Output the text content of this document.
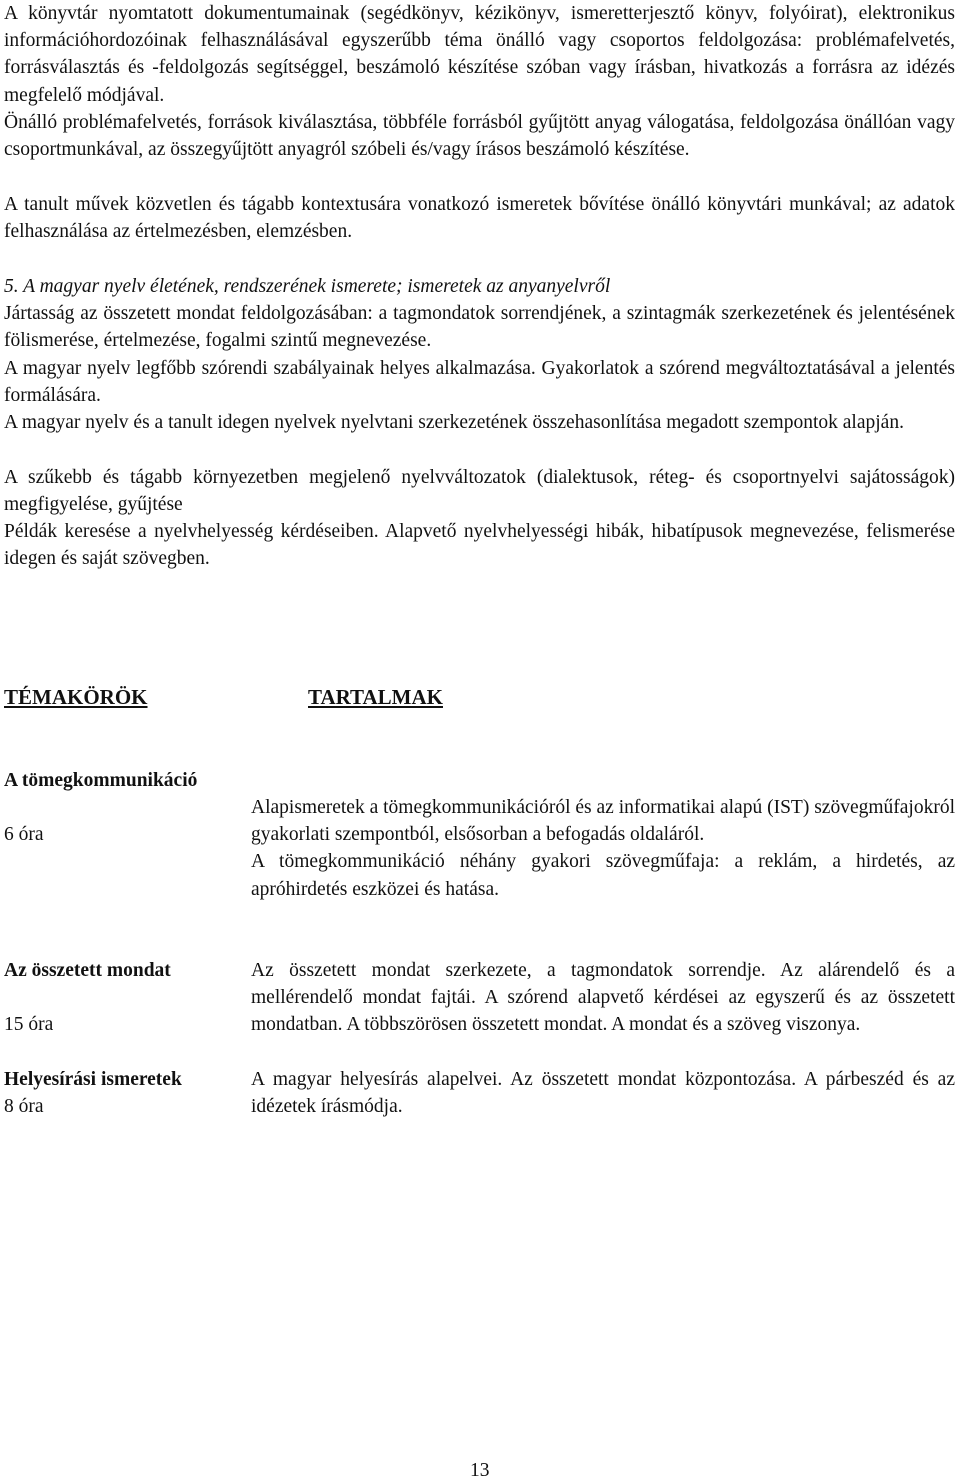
A könyvtár nyomtatott dokumentumainak (segédkönyv, kézikönyv, ismeretterjesztő könyv, folyóirat), elektronikus információhordozóinak felhasználásával egyszerűbb téma önálló vagy csoportos feldolgozása: problémafelvetés, forrásválasztás és -feldolgozás segítséggel, beszámoló készítése szóban vagy írásban, hivatkozás a forrásra az idézés megfelelő módjával.

Önálló problémafelvetés, források kiválasztása, többféle forrásból gyűjtött anyag válogatása, feldolgozása önállóan vagy csoportmunkával, az összegyűjtött anyagról szóbeli és/vagy írásos beszámoló készítése.

A tanult művek közvetlen és tágabb kontextusára vonatkozó ismeretek bővítése önálló könyvtári munkával; az adatok felhasználása az értelmezésben, elemzésben.

5. A magyar nyelv életének, rendszerének ismerete; ismeretek az anyanyelvről

Jártasság az összetett mondat feldolgozásában: a tagmondatok sorrendjének, a szintagmák szerkezetének és jelentésének fölismerése, értelmezése, fogalmi szintű megnevezése.

A magyar nyelv legfőbb szórendi szabályainak helyes alkalmazása. Gyakorlatok a szórend megváltoztatásával a jelentés formálására.

A magyar nyelv és a tanult idegen nyelvek nyelvtani szerkezetének összehasonlítása megadott szempontok alapján.

A szűkebb és tágabb környezetben megjelenő nyelvváltozatok (dialektusok, réteg- és csoportnyelvi sajátosságok) megfigyelése, gyűjtése

Példák keresése a nyelvhelyesség kérdéseiben. Alapvető nyelvhelyességi hibák, hibatípusok megnevezése, felismerése idegen és saját szövegben.

TÉMAKÖRÖK	TARTALMAK

A tömegkommunikáció

6 óra

Alapismeretek a tömegkommunikációról és az informatikai alapú (IST) szövegműfajokról gyakorlati szempontból, elsősorban a befogadás oldaláról.

A tömegkommunikáció néhány gyakori szövegműfaja: a reklám, a hirdetés, az apróhirdetés eszközei és hatása.

Az összetett mondat

15 óra

Az összetett mondat szerkezete, a tagmondatok sorrendje. Az alárendelő és a mellérendelő mondat fajtái. A szórend alapvető kérdései az egyszerű és az összetett mondatban. A többszörösen összetett mondat. A mondat és a szöveg viszonya.

Helyesírási ismeretek

8 óra

A magyar helyesírás alapelvei. Az összetett mondat központozása. A párbeszéd és az idézetek írásmódja.

13
